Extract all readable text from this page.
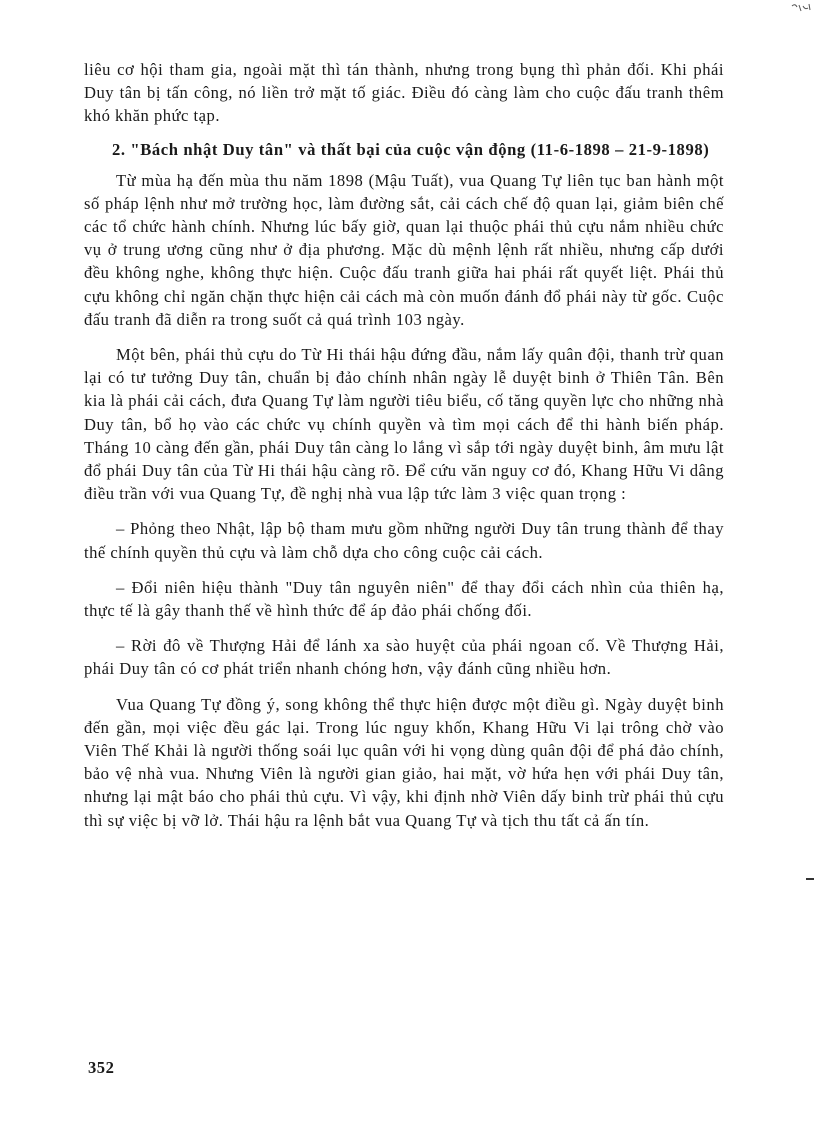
liêu cơ hội tham gia, ngoài mặt thì tán thành, nhưng trong bụng thì phản đối. Khi phái Duy tân bị tấn công, nó liền trở mặt tố giác. Điều đó càng làm cho cuộc đấu tranh thêm khó khăn phức tạp.

2. "Bách nhật Duy tân" và thất bại của cuộc vận động (11-6-1898 – 21-9-1898)

Từ mùa hạ đến mùa thu năm 1898 (Mậu Tuất), vua Quang Tự liên tục ban hành một số pháp lệnh như mở trường học, làm đường sắt, cải cách chế độ quan lại, giảm biên chế các tổ chức hành chính. Nhưng lúc bấy giờ, quan lại thuộc phái thủ cựu nắm nhiều chức vụ ở trung ương cũng như ở địa phương. Mặc dù mệnh lệnh rất nhiều, nhưng cấp dưới đều không nghe, không thực hiện. Cuộc đấu tranh giữa hai phái rất quyết liệt. Phái thủ cựu không chỉ ngăn chặn thực hiện cải cách mà còn muốn đánh đổ phái này từ gốc. Cuộc đấu tranh đã diễn ra trong suốt cả quá trình 103 ngày.

Một bên, phái thủ cựu do Từ Hi thái hậu đứng đầu, nắm lấy quân đội, thanh trừ quan lại có tư tưởng Duy tân, chuẩn bị đảo chính nhân ngày lễ duyệt binh ở Thiên Tân. Bên kia là phái cải cách, đưa Quang Tự làm người tiêu biểu, cố tăng quyền lực cho những nhà Duy tân, bổ họ vào các chức vụ chính quyền và tìm mọi cách để thi hành biến pháp. Tháng 10 càng đến gần, phái Duy tân càng lo lắng vì sắp tới ngày duyệt binh, âm mưu lật đổ phái Duy tân của Từ Hi thái hậu càng rõ. Để cứu văn nguy cơ đó, Khang Hữu Vi dâng điều trần với vua Quang Tự, đề nghị nhà vua lập tức làm 3 việc quan trọng :

– Phỏng theo Nhật, lập bộ tham mưu gồm những người Duy tân trung thành để thay thế chính quyền thủ cựu và làm chỗ dựa cho công cuộc cải cách.

– Đổi niên hiệu thành "Duy tân nguyên niên" để thay đổi cách nhìn của thiên hạ, thực tế là gây thanh thế về hình thức để áp đảo phái chống đối.

– Rời đô về Thượng Hải để lánh xa sào huyệt của phái ngoan cố. Về Thượng Hải, phái Duy tân có cơ phát triển nhanh chóng hơn, vậy đánh cũng nhiều hơn.

Vua Quang Tự đồng ý, song không thể thực hiện được một điều gì. Ngày duyệt binh đến gần, mọi việc đều gác lại. Trong lúc nguy khốn, Khang Hữu Vi lại trông chờ vào Viên Thế Khải là người thống soái lục quân với hi vọng dùng quân đội để phá đảo chính, bảo vệ nhà vua. Nhưng Viên là người gian giảo, hai mặt, vờ hứa hẹn với phái Duy tân, nhưng lại mật báo cho phái thủ cựu. Vì vậy, khi định nhờ Viên dấy binh trừ phái thủ cựu thì sự việc bị vỡ lở. Thái hậu ra lệnh bắt vua Quang Tự và tịch thu tất cả ấn tín.

352
